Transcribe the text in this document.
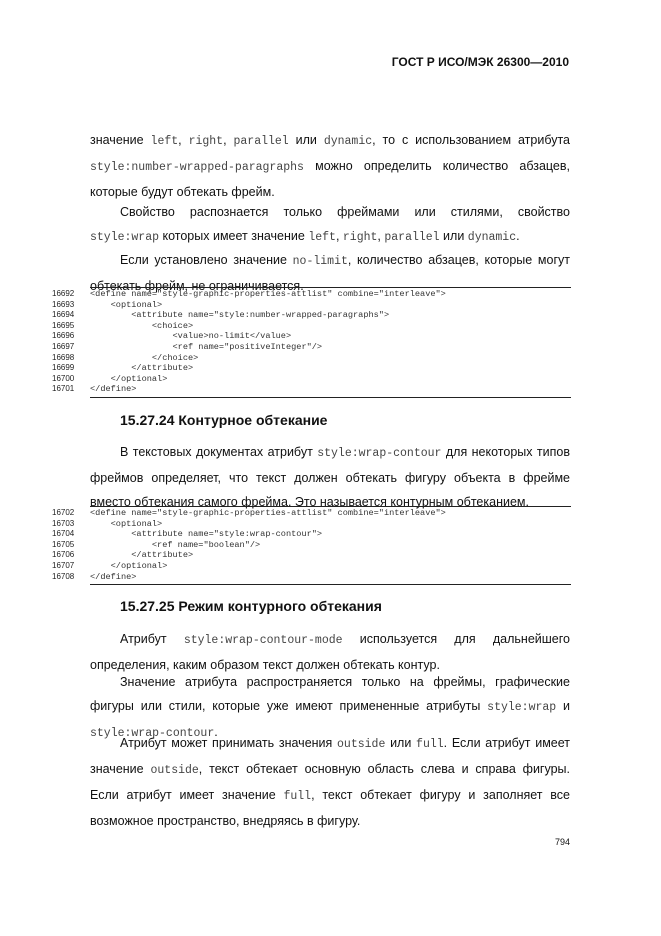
ГОСТ Р ИСО/МЭК 26300—2010

значение left, right, parallel или dynamic, то с использованием атрибута style:number-wrapped-paragraphs можно определить количество абзацев, которые будут обтекать фрейм.

Свойство распознается только фреймами или стилями, свойство style:wrap которых имеет значение left, right, parallel или dynamic.

Если установлено значение no-limit, количество абзацев, которые могут обтекать фрейм, не ограничивается.

16692	<define name="style-graphic-properties-attlist" combine="interleave">
16693	<optional>
16694	<attribute name="style:number-wrapped-paragraphs">
16695	<choice>
16696	<value>no-limit</value>
16697	<ref name="positiveInteger"/>
16698	</choice>
16699	</attribute>
16700	</optional>
16701	</define>
15.27.24 Контурное обтекание

В текстовых документах атрибут style:wrap-contour для некоторых типов фреймов определяет, что текст должен обтекать фигуру объекта в фрейме вместо обтекания самого фрейма. Это называется контурным обтеканием.

16702	<define name="style-graphic-properties-attlist" combine="interleave">
16703	<optional>
16704	<attribute name="style:wrap-contour">
16705	<ref name="boolean"/>
16706	</attribute>
16707	</optional>
16708	</define>
15.27.25 Режим контурного обтекания

Атрибут style:wrap-contour-mode используется для дальнейшего определения, каким образом текст должен обтекать контур.

Значение атрибута распространяется только на фреймы, графические фигуры или стили, которые уже имеют примененные атрибуты style:wrap и style:wrap-contour.

Атрибут может принимать значения outside или full. Если атрибут имеет значение outside, текст обтекает основную область слева и справа фигуры. Если атрибут имеет значение full, текст обтекает фигуру и заполняет все возможное пространство, внедряясь в фигуру.

794
